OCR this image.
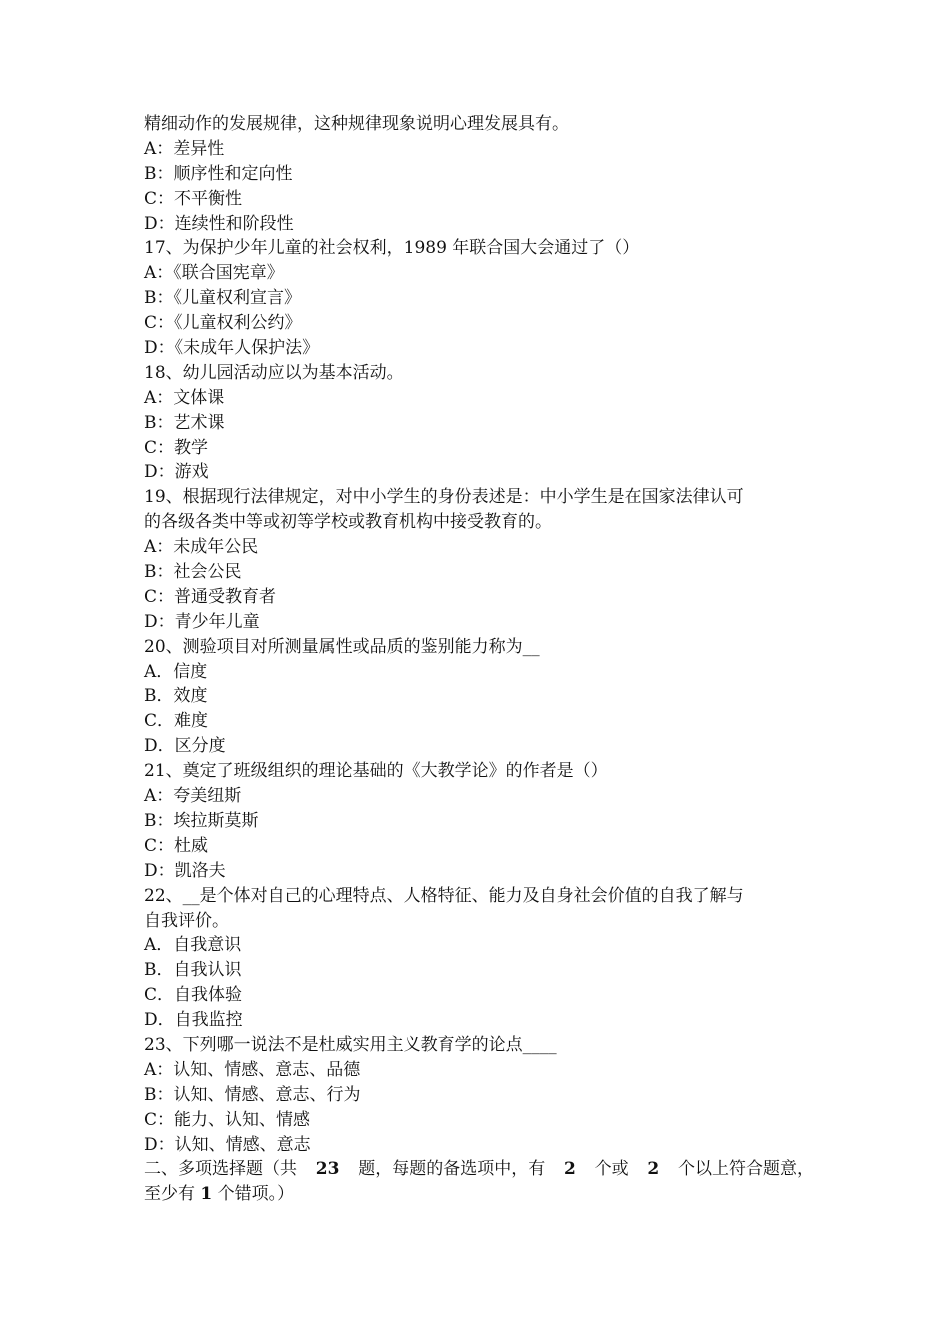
精细动作的发展规律，这种规律现象说明心理发展具有。
A：差异性
B：顺序性和定向性
C：不平衡性
D：连续性和阶段性
17、为保护少年儿童的社会权利，1989 年联合国大会通过了（）
A：《联合国宪章》
B：《儿童权利宣言》
C：《儿童权利公约》
D：《未成年人保护法》
18、幼儿园活动应以为基本活动。
A：文体课
B：艺术课
C：教学
D：游戏
19、根据现行法律规定，对中小学生的身份表述是：中小学生是在国家法律认可
的各级各类中等或初等学校或教育机构中接受教育的。
A：未成年公民
B：社会公民
C：普通受教育者
D：青少年儿童
20、测验项目对所测量属性或品质的鉴别能力称为__
A．信度
B．效度
C．难度
D．区分度
21、奠定了班级组织的理论基础的《大教学论》的作者是（）
A：夸美纽斯
B：埃拉斯莫斯
C：杜威
D：凯洛夫
22、__是个体对自己的心理特点、人格特征、能力及自身社会价值的自我了解与
自我评价。
A．自我意识
B．自我认识
C．自我体验
D．自我监控
23、下列哪一说法不是杜威实用主义教育学的论点____
A：认知、情感、意志、品德
B：认知、情感、意志、行为
C：能力、认知、情感
D：认知、情感、意志
二、多项选择题（共 23 题，每题的备选项中，有 2 个或 2 个以上符合题意，
至少有 1 个错项。）
